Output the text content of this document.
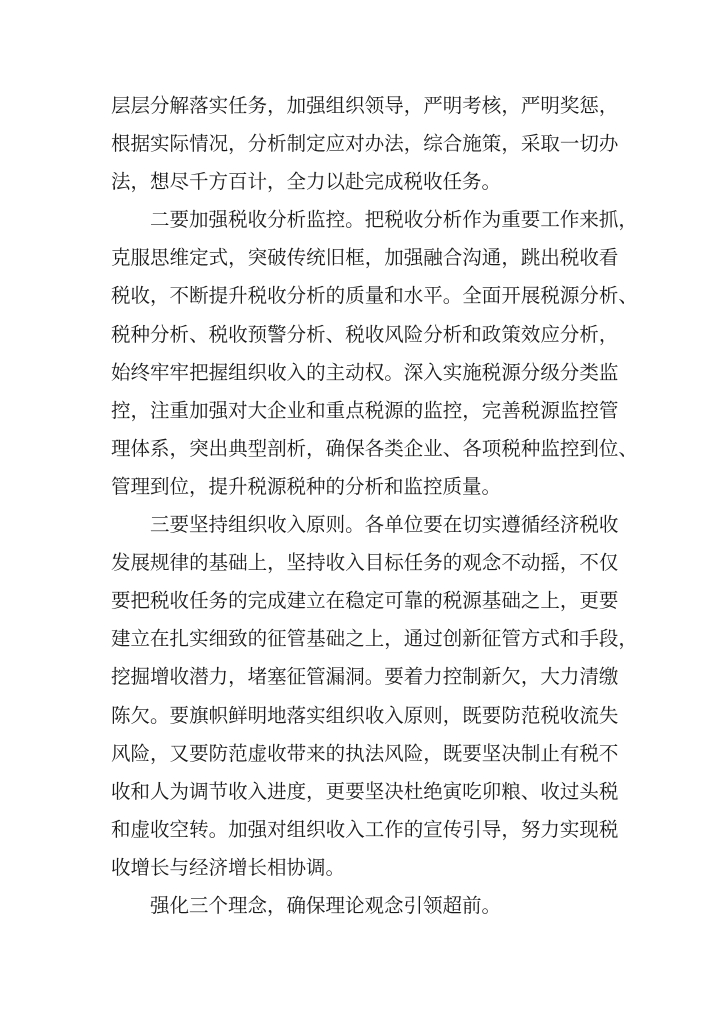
层 层 分 解 落 实 任 务 ， 加 强 组 织 领 导 ， 严 明 考 核 ， 严 明 奖 惩 ，
根 据 实 际 情 况 ， 分 析 制 定 应 对 办 法 ， 综 合 施 策 ， 采 取 一 切 办
法，想尽千方百计，全力以赴完成税收任务。
二 要 加 强 税 收 分 析 监 控 。 把 税 收 分 析 作 为 重 要 工 作 来 抓 ，
克 服 思 维 定 式 ， 突 破 传 统 旧 框 ， 加 强 融 合 沟 通 ， 跳 出 税 收 看
税 收 ， 不 断 提 升 税 收 分 析 的 质 量 和 水 平 。 全 面 开 展 税 源 分 析 、
税 种 分 析 、 税 收 预 警 分 析 、 税 收 风 险 分 析 和 政 策 效 应 分 析 ，
始 终 牢 牢 把 握 组 织 收 入 的 主 动 权 。 深 入 实 施 税 源 分 级 分 类 监
控 ， 注 重 加 强 对 大 企 业 和 重 点 税 源 的 监 控 ， 完 善 税 源 监 控 管
理 体 系 ， 突 出 典 型 剖 析 ， 确 保 各 类 企 业 、 各 项 税 种 监 控 到 位 、
管理到位，提升税源税种的分析和监控质量。
三 要 坚 持 组 织 收 入 原 则 。 各 单 位 要 在 切 实 遵 循 经 济 税 收
发 展 规 律 的 基 础 上 ， 坚 持 收 入 目 标 任 务 的 观 念 不 动 摇 ， 不 仅
要 把 税 收 任 务 的 完 成 建 立 在 稳 定 可 靠 的 税 源 基 础 之 上 ， 更 要
建 立 在 扎 实 细 致 的 征 管 基 础 之 上 ， 通 过 创 新 征 管 方 式 和 手 段 ，
挖 掘 增 收 潜 力 ， 堵 塞 征 管 漏 洞 。 要 着 力 控 制 新 欠 ， 大 力 清 缴
陈 欠 。 要 旗 帜 鲜 明 地 落 实 组 织 收 入 原 则 ， 既 要 防 范 税 收 流 失
风 险 ， 又 要 防 范 虚 收 带 来 的 执 法 风 险 ， 既 要 坚 决 制 止 有 税 不
收 和 人 为 调 节 收 入 进 度 ， 更 要 坚 决 杜 绝 寅 吃 卯 粮 、 收 过 头 税
和 虚 收 空 转 。 加 强 对 组 织 收 入 工 作 的 宣 传 引 导 ， 努 力 实 现 税
收增长与经济增长相协调。
强化三个理念，确保理论观念引领超前。
